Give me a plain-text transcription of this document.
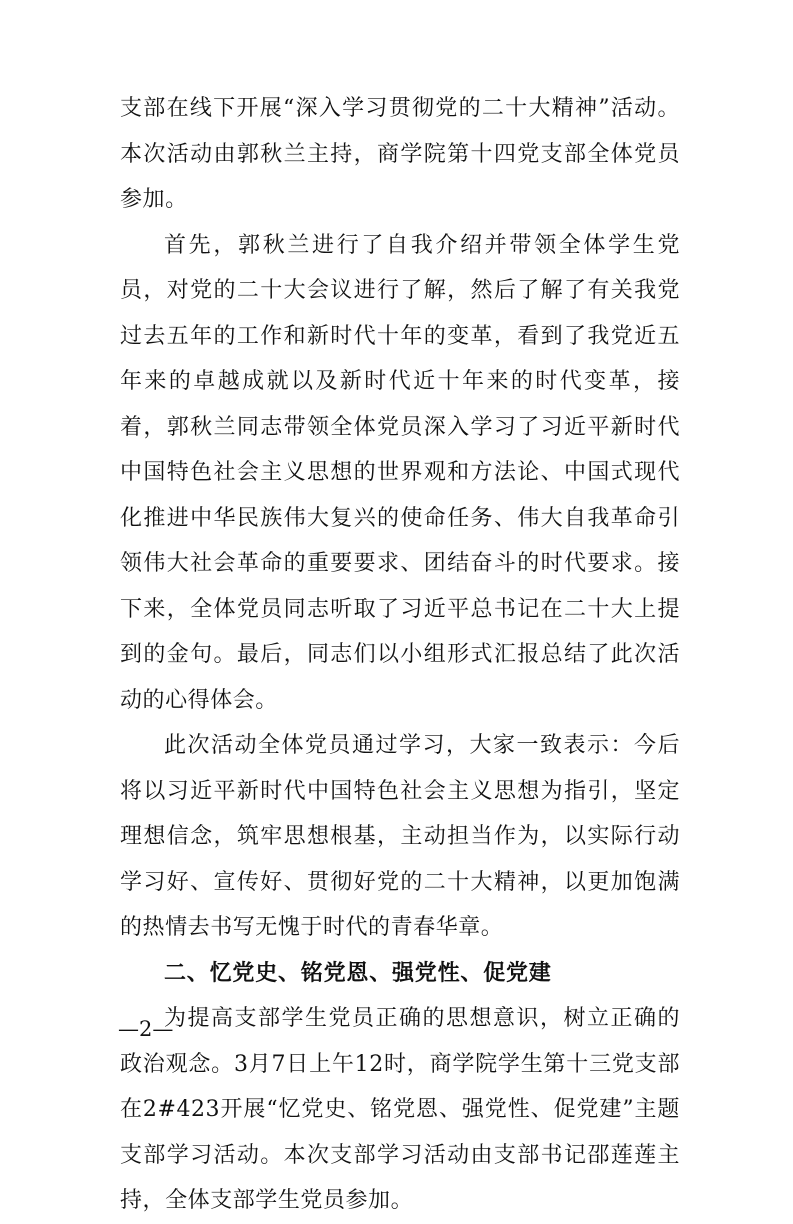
支部在线下开展“深入学习贯彻党的二十大精神”活动。本次活动由郭秋兰主持，商学院第十四党支部全体党员参加。

首先，郭秋兰进行了自我介绍并带领全体学生党员，对党的二十大会议进行了解，然后了解了有关我党过去五年的工作和新时代十年的变革，看到了我党近五年来的卓越成就以及新时代近十年来的时代变革，接着，郭秋兰同志带领全体党员深入学习了习近平新时代中国特色社会主义思想的世界观和方法论、中国式现代化推进中华民族伟大复兴的使命任务、伟大自我革命引领伟大社会革命的重要要求、团结奋斗的时代要求。接下来，全体党员同志听取了习近平总书记在二十大上提到的金句。最后，同志们以小组形式汇报总结了此次活动的心得体会。

此次活动全体党员通过学习，大家一致表示：今后将以习近平新时代中国特色社会主义思想为指引，坚定理想信念，筑牢思想根基，主动担当作为，以实际行动学习好、宣传好、贯彻好党的二十大精神，以更加饱满的热情去书写无愧于时代的青春华章。

二、忆党史、铭党恩、强党性、促党建

为提高支部学生党员正确的思想意识，树立正确的政治观念。3月7日上午12时，商学院学生第十三党支部在2#423开展“忆党史、铭党恩、强党性、促党建”主题支部学习活动。本次支部学习活动由支部书记邵莲莲主持，全体支部学生党员参加。

—2—
